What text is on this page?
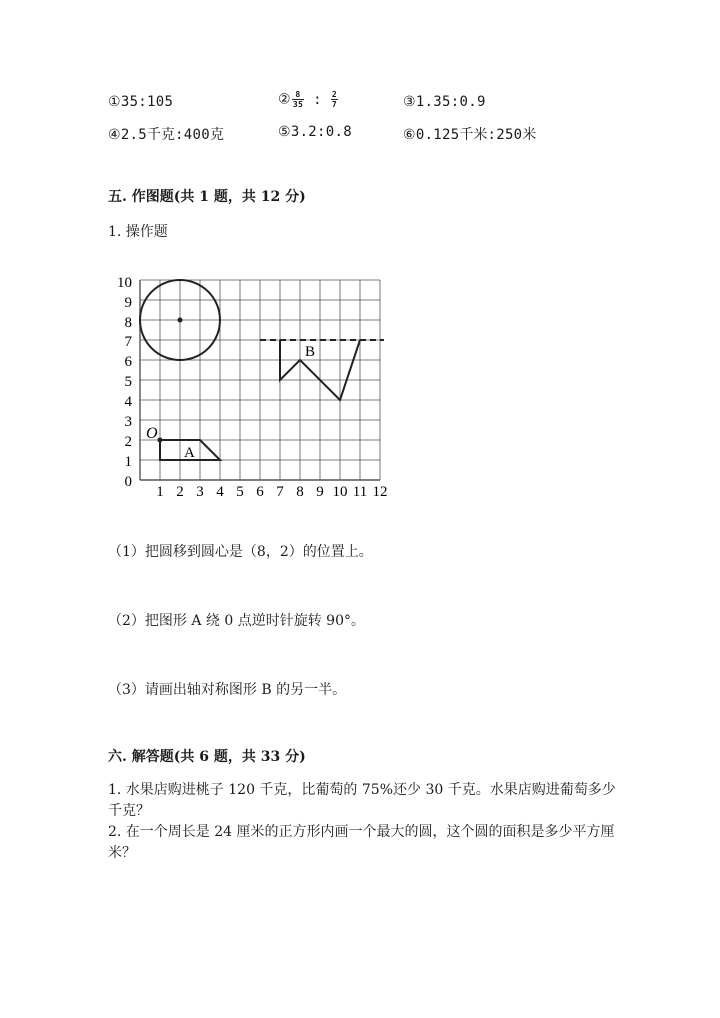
①35:105	② $\frac{8}{35}$ : $\frac{2}{7}$	③1.35:0.9
④2.5千克:400克	⑤3.2:0.8	⑥0.125千米:250米
五. 作图题(共 1 题，共 12 分)
1. 操作题
10
9
8
7
6
5
4
3
2
1
0
1 2 3 4 5 6 7 8 9 10 11 12
B
O
A
（1）把圆移到圆心是（8，2）的位置上。
（2）把图形 A 绕 0 点逆时针旋转 90°。
（3）请画出轴对称图形 B 的另一半。
六. 解答题(共 6 题，共 33 分)
1. 水果店购进桃子 120 千克，比葡萄的 75%还少 30 千克。水果店购进葡萄多少千克？
2. 在一个周长是 24 厘米的正方形内画一个最大的圆，这个圆的面积是多少平方厘米？
